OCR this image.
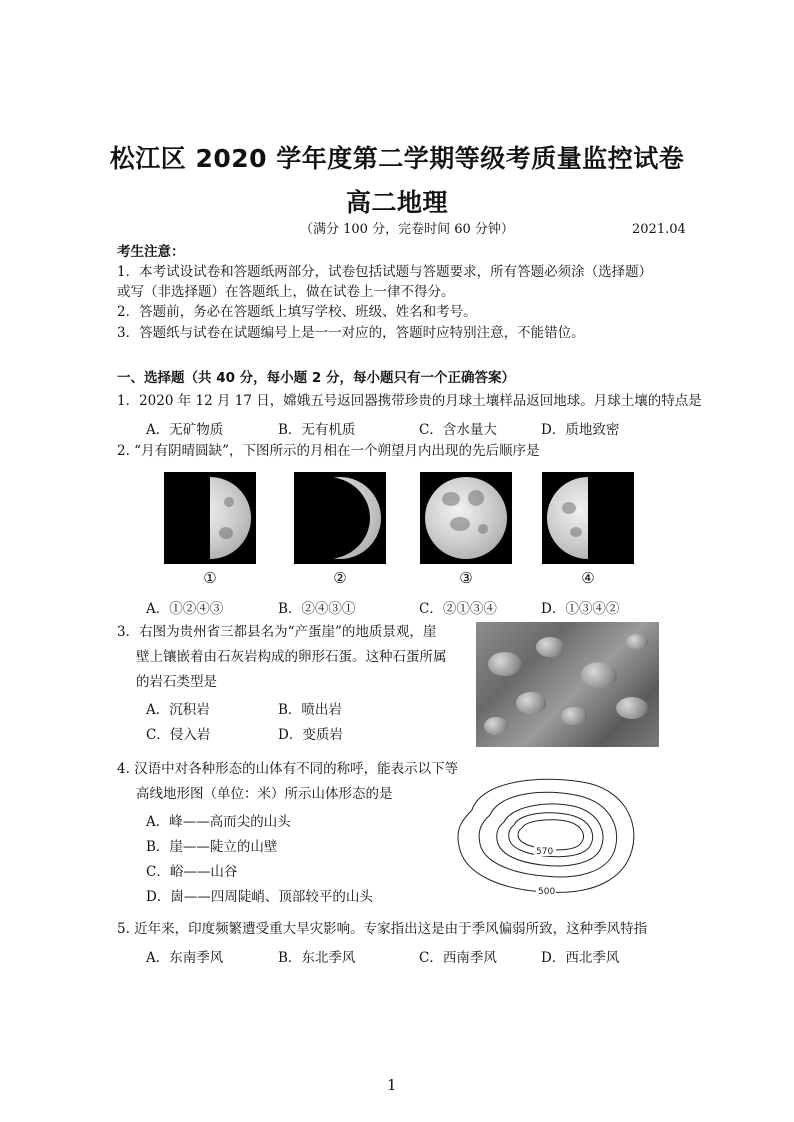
松江区 2020 学年度第二学期等级考质量监控试卷
高二地理
（满分 100 分，完卷时间 60 分钟）	2021.04
考生注意：
1．本考试设试卷和答题纸两部分，试卷包括试题与答题要求，所有答题必须涂（选择题）
或写（非选择题）在答题纸上，做在试卷上一律不得分。
2．答题前，务必在答题纸上填写学校、班级、姓名和考号。
3．答题纸与试卷在试题编号上是一一对应的，答题时应特别注意，不能错位。
一、选择题（共 40 分，每小题 2 分，每小题只有一个正确答案）
1．2020 年 12 月 17 日，嫦娥五号返回器携带珍贵的月球土壤样品返回地球。月球土壤的特点是
A．无矿物质	B．无有机质	C．含水量大	D．质地致密
2. “月有阴晴圆缺”，下图所示的月相在一个朔望月内出现的先后顺序是
①	②	③	④
A．①②④③	B．②④③①	C．②①③④	D．①③④②
3．右图为贵州省三都县名为“产蛋崖”的地质景观，崖
壁上镶嵌着由石灰岩构成的卵形石蛋。这种石蛋所属
的岩石类型是
A．沉积岩	B．喷出岩
C．侵入岩	D．变质岩
4. 汉语中对各种形态的山体有不同的称呼，能表示以下等
高线地形图（单位：米）所示山体形态的是
A．峰——高而尖的山头
B．崖——陡立的山壁
C．峪——山谷
D．崮——四周陡峭、顶部较平的山头
570
500
5. 近年来，印度频繁遭受重大旱灾影响。专家指出这是由于季风偏弱所致，这种季风特指
A．东南季风	B．东北季风	C．西南季风	D．西北季风
1
